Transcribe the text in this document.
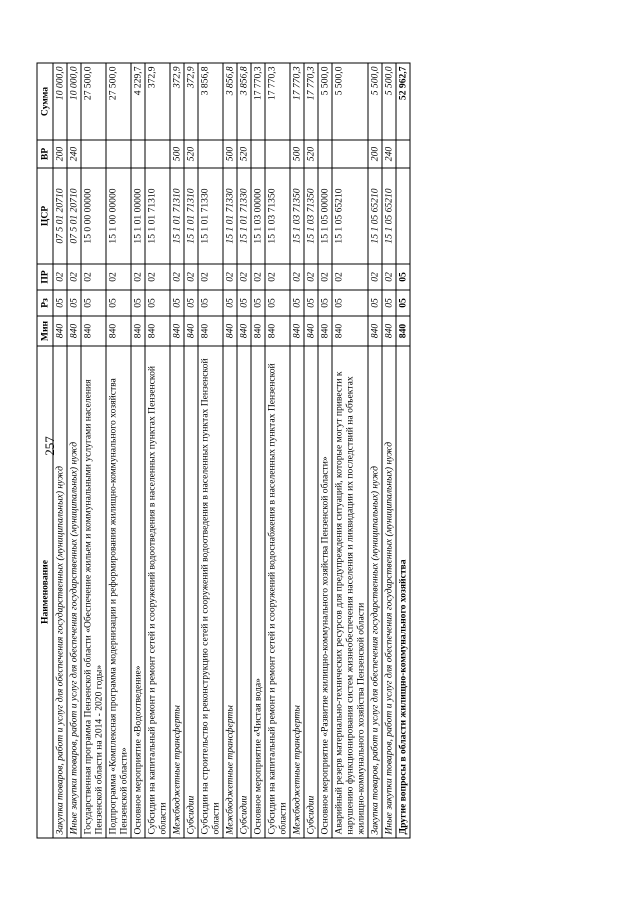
257
Наименование	Мин	Рз	ПР	ЦСР	ВР	Сумма
Закупка товаров, работ и услуг для обеспечения государственных (муниципальных) нужд	840	05	02	07 5 01 20710	200	10 000,0
Иные закупки товаров, работ и услуг для обеспечения государственных (муниципальных) нужд	840	05	02	07 5 01 20710	240	10 000,0
Государственная программа Пензенской области «Обеспечение жильем и коммунальными услугами населения Пензенской области на 2014 - 2020 годы»	840	05	02	15 0 00 00000		27 500,0
Подпрограмма «Комплексная программа модернизации и реформирования жилищно-коммунального хозяйства Пензенской области»	840	05	02	15 1 00 00000		27 500,0
Основное мероприятие «Водоотведение»	840	05	02	15 1 01 00000		4 229,7
Субсидии на капитальный ремонт и ремонт сетей и сооружений водоотведения в населенных пунктах Пензенской области	840	05	02	15 1 01 71310		372,9
Межбюджетные трансферты	840	05	02	15 1 01 71310	500	372,9
Субсидии	840	05	02	15 1 01 71310	520	372,9
Субсидии на строительство и реконструкцию сетей и сооружений водоотведения в населенных пунктах Пензенской области	840	05	02	15 1 01 71330		3 856,8
Межбюджетные трансферты	840	05	02	15 1 01 71330	500	3 856,8
Субсидии	840	05	02	15 1 01 71330	520	3 856,8
Основное мероприятие «Чистая вода»	840	05	02	15 1 03 00000		17 770,3
Субсидии на капитальный ремонт и ремонт сетей и сооружений водоснабжения в населенных пунктах Пензенской области	840	05	02	15 1 03 71350		17 770,3
Межбюджетные трансферты	840	05	02	15 1 03 71350	500	17 770,3
Субсидии	840	05	02	15 1 03 71350	520	17 770,3
Основное мероприятие «Развитие жилищно-коммунального хозяйства Пензенской области»	840	05	02	15 1 05 00000		5 500,0
Аварийный резерв материально-технических ресурсов для предупреждения ситуаций, которые могут привести к нарушению функционирования систем жизнеобеспечения населения и ликвидации их последствий на объектах жилищно-коммунального хозяйства Пензенской области	840	05	02	15 1 05 65210		5 500,0
Закупка товаров, работ и услуг для обеспечения государственных (муниципальных) нужд	840	05	02	15 1 05 65210	200	5 500,0
Иные закупки товаров, работ и услуг для обеспечения государственных (муниципальных) нужд	840	05	02	15 1 05 65210	240	5 500,0
Другие вопросы в области жилищно-коммунального хозяйства	840	05	05			52 962,7
